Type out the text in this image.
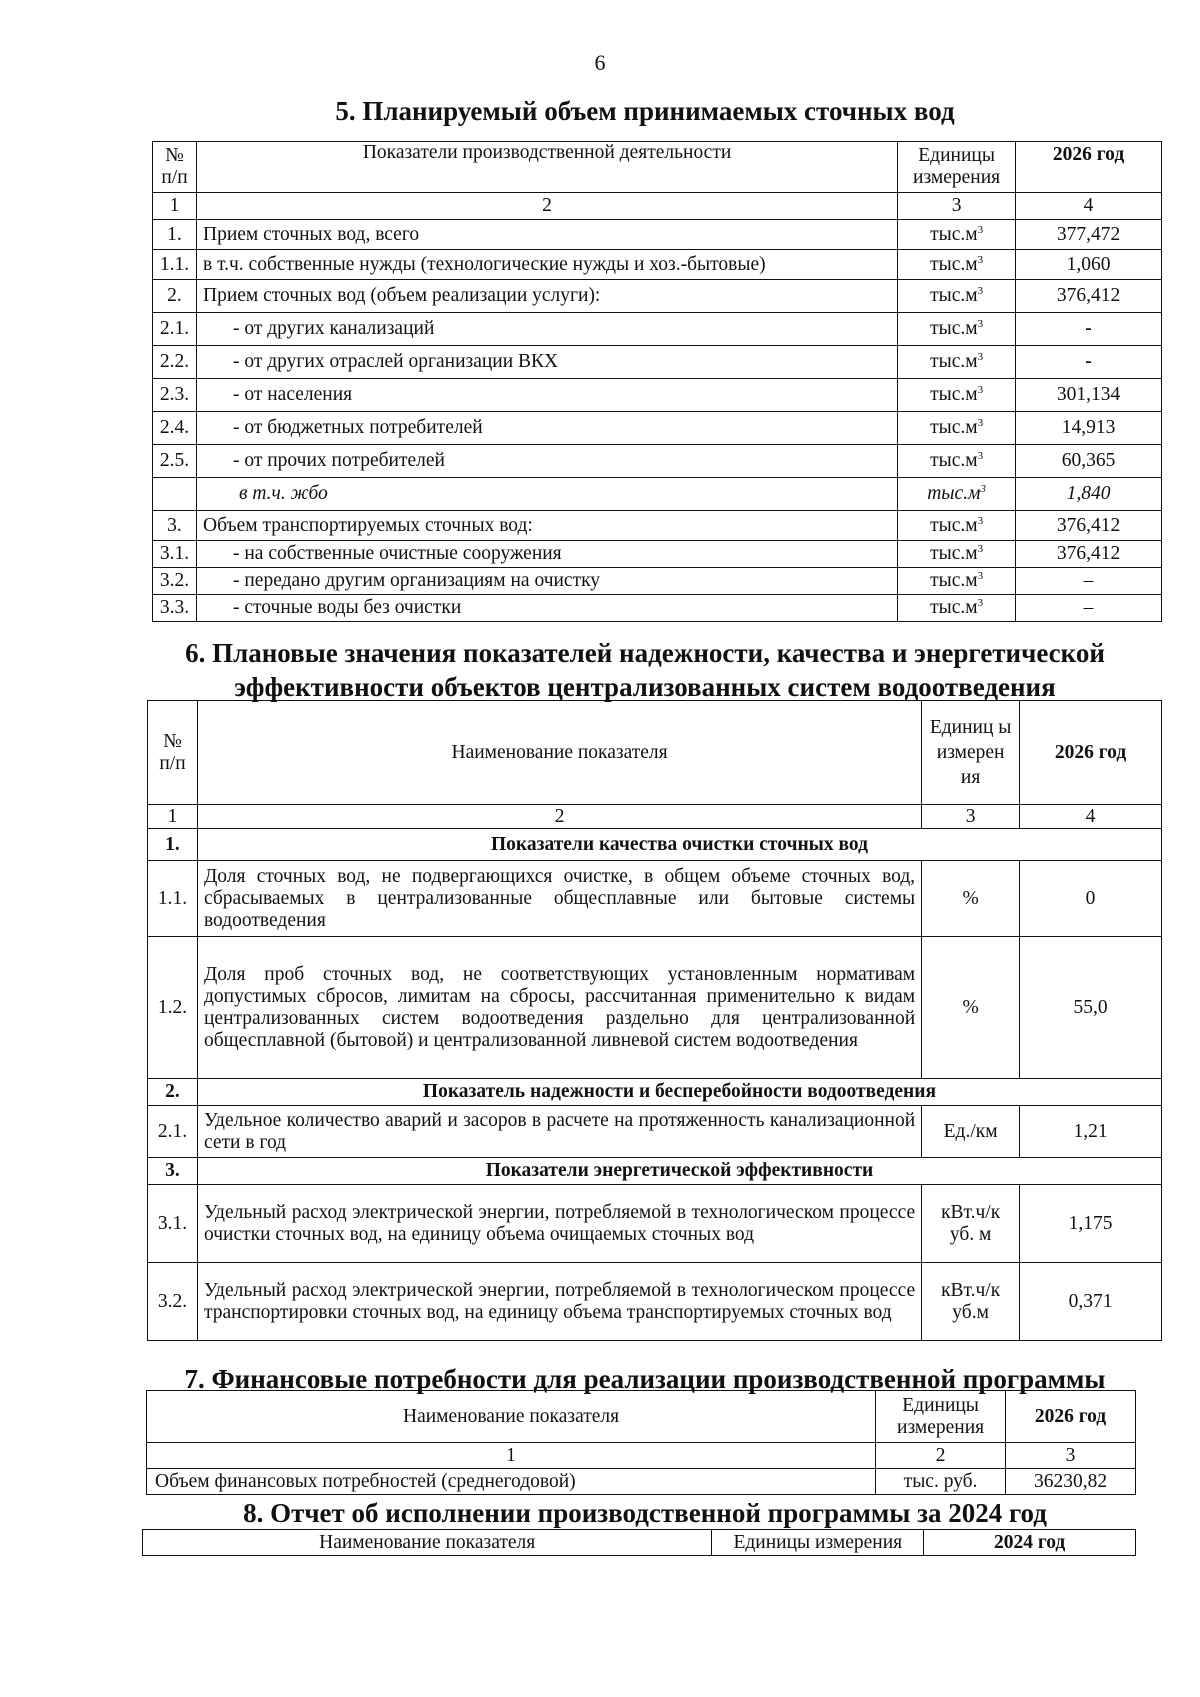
6
5. Планируемый объем принимаемых сточных вод
№ п/п	Показатели производственной деятельности	Единицы измерения	2026 год
1	2	3	4
1.	Прием сточных вод, всего	$тыс.м^3$	377,472
1.1.	в т.ч. собственные нужды (технологические нужды и хоз.-бытовые)	$тыс.м^3$	1,060
2.	Прием сточных вод (объем реализации услуги):	$тыс.м^3$	376,412
2.1.	- от других канализаций	$тыс.м^3$	-
2.2.	- от других отраслей организации ВКХ	$тыс.м^3$	-
2.3.	- от населения	$тыс.м^3$	301,134
2.4.	- от бюджетных потребителей	$тыс.м^3$	14,913
2.5.	- от прочих потребителей	$тыс.м^3$	60,365
	в т.ч. жбо	$тыс.м^3$	1,840
3.	Объем транспортируемых сточных вод:	$тыс.м^3$	376,412
3.1.	- на собственные очистные сооружения	$тыс.м^3$	376,412
3.2.	- передано другим организациям на очистку	$тыс.м^3$	–
3.3.	- сточные воды без очистки	$тыс.м^3$	–
6. Плановые значения показателей надежности, качества и энергетической эффективности объектов централизованных систем водоотведения
№ п/п	Наименование показателя	Единиц ы измерен ия	2026 год
1	2	3	4
1.	Показатели качества очистки сточных вод		
1.1.	Доля сточных вод, не подвергающихся очистке, в общем объеме сточных вод, сбрасываемых в централизованные общесплавные или бытовые системы водоотведения	%	0
1.2.	Доля проб сточных вод, не соответствующих установленным нормативам допустимых сбросов, лимитам на сбросы, рассчитанная применительно к видам централизованных систем водоотведения раздельно для централизованной общесплавной (бытовой) и централизованной ливневой систем водоотведения	%	55,0
2.	Показатель надежности и бесперебойности водоотведения		
2.1.	Удельное количество аварий и засоров в расчете на протяженность канализационной сети в год	Ед./км	1,21
3.	Показатели энергетической эффективности		
3.1.	Удельный расход электрической энергии, потребляемой в технологическом процессе очистки сточных вод, на единицу объема очищаемых сточных вод	кВт.ч/к уб. м	1,175
3.2.	Удельный расход электрической энергии, потребляемой в технологическом процессе транспортировки сточных вод, на единицу объема транспортируемых сточных вод	кВт.ч/к уб.м	0,371
7. Финансовые потребности для реализации производственной программы
Наименование показателя	Единицы измерения	2026 год
1	2	3
Объем финансовых потребностей (среднегодовой)	тыс. руб.	36230,82
8. Отчет об исполнении производственной программы за 2024 год
Наименование показателя	Единицы измерения	2024 год
